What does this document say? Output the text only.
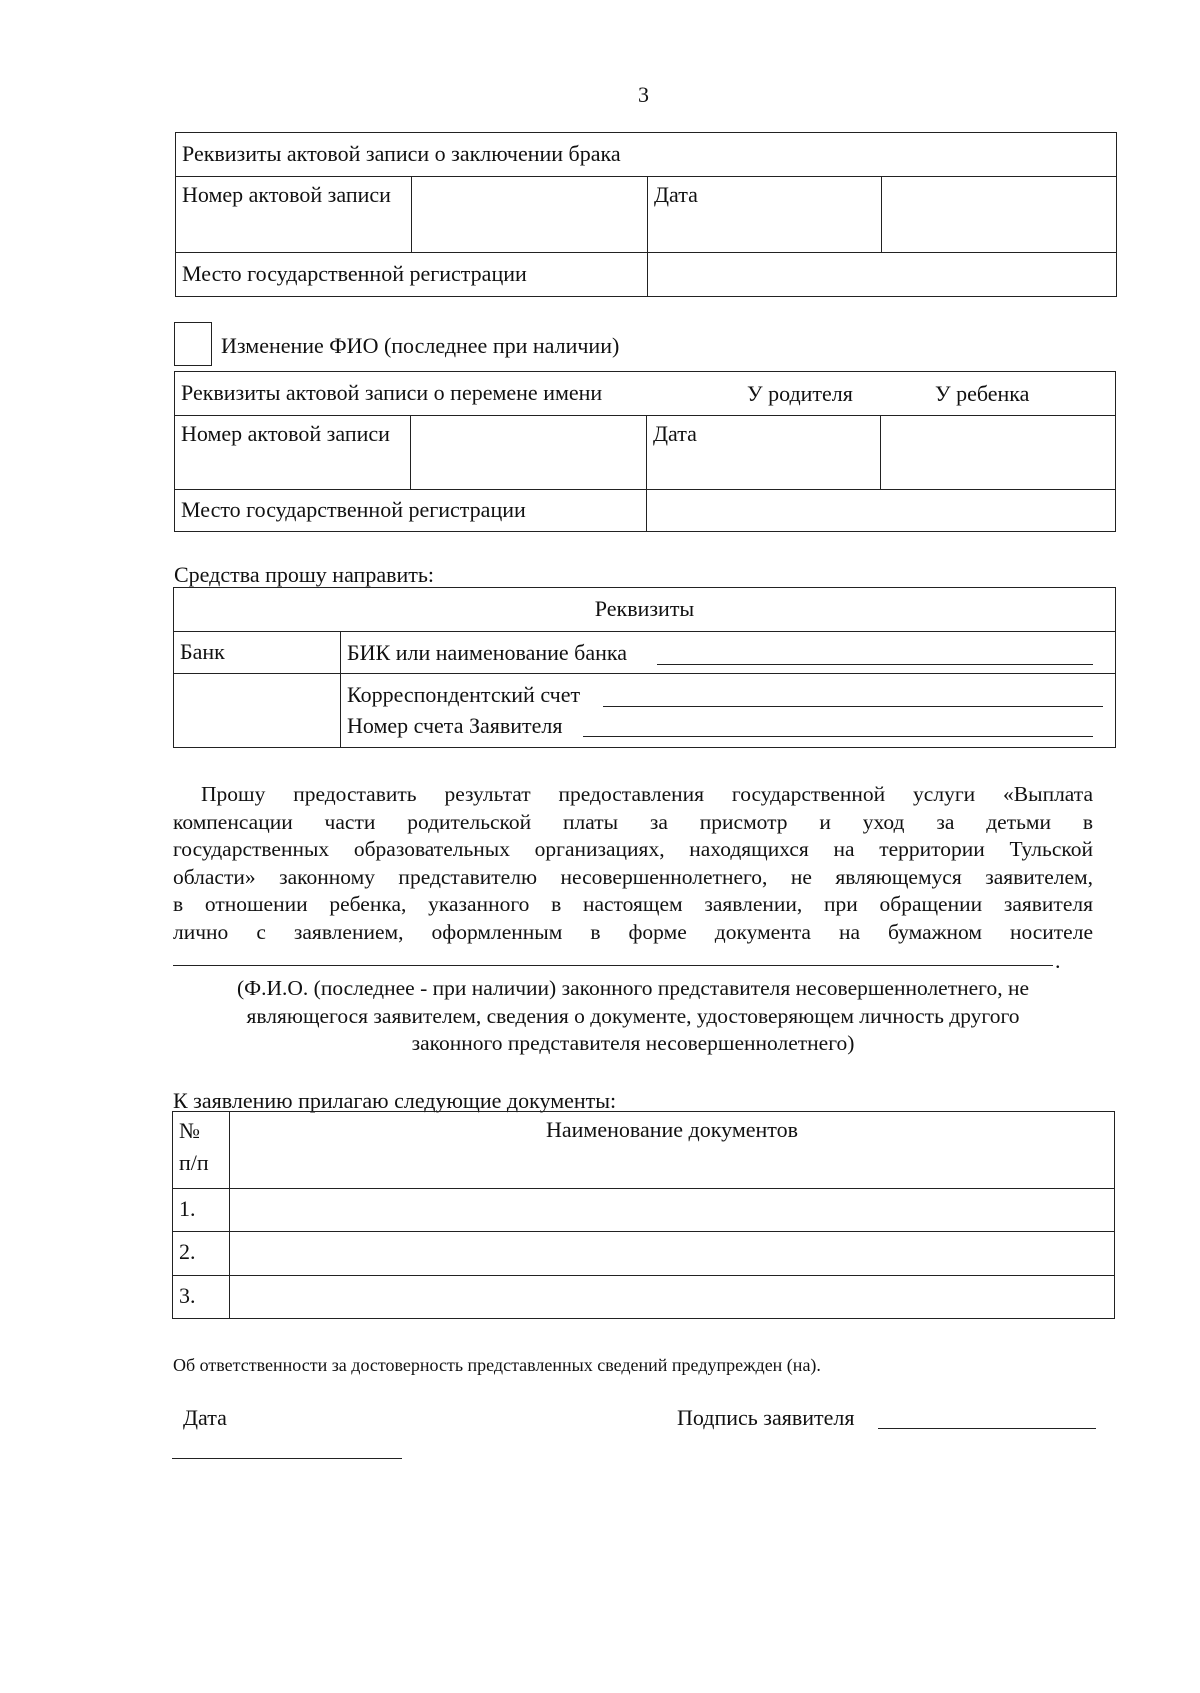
3
Реквизиты актовой записи о заключении брака			

Номер актовой записи		Дата	

Место государственной регистрации			

Изменение ФИО (последнее при наличии)
Реквизиты актовой записи о перемене имени У родителя У ребенка			

Номер актовой записи		Дата	

Место государственной регистрации			

Средства прошу направить:
Реквизиты	

Банк	БИК или наименование банка

	Корреспондентский счет
Номер счета Заявителя
Прошу предоставить результат предоставления государственной услуги «Выплата
компенсации части родительской платы за присмотр и уход за детьми в
государственных образовательных организациях, находящихся на территории Тульской
области» законному представителю несовершеннолетнего, не являющемуся заявителем,
в отношении ребенка, указанного в настоящем заявлении, при обращении заявителя
лично с заявлением, оформленным в форме документа на бумажном носителе
.
(Ф.И.О. (последнее - при наличии) законного представителя несовершеннолетнего, не
являющегося заявителем, сведения о документе, удостоверяющем личность другого
законного представителя несовершеннолетнего)
К заявлению прилагаю следующие документы:
№ п/п	Наименование документов

1.	

2.	

3.	

Об ответственности за достоверность представленных сведений предупрежден (на).
Дата	Подпись заявителя
